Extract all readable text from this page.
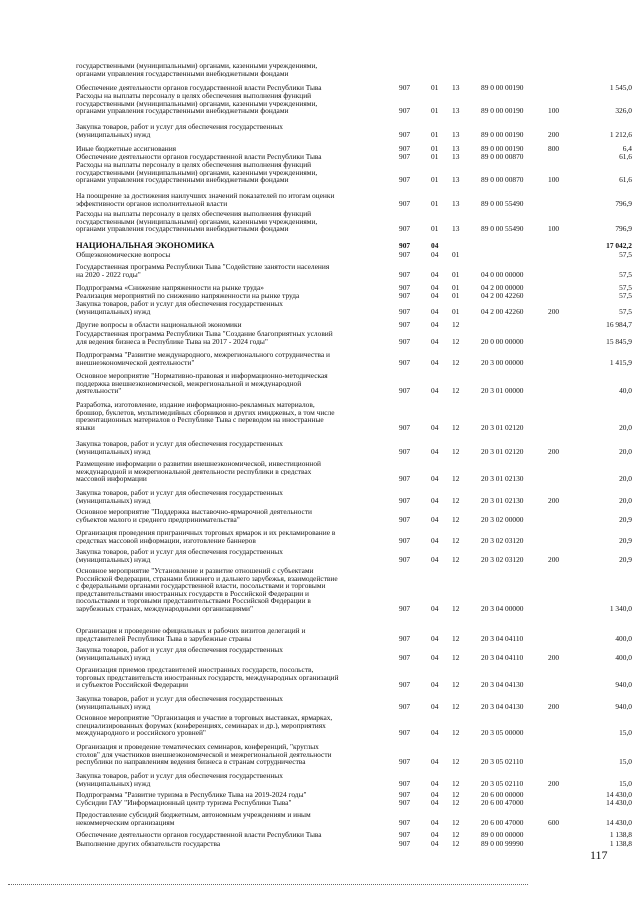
государственными (муниципальными) органами, казенными учреждениями,
органами управления государственными внебюджетными фондами
Обеспечение деятельности органов государственной власти Республики Тыва	907	01 13	89 0 00 00190	1 545,0
Расходы на выплаты персоналу в целях обеспечения выполнения функций
государственными (муниципальными) органами, казенными учреждениями,
органами управления государственными внебюджетными фондами	907	01 13	89 0 00 00190	100	326,0
Закупка товаров, работ и услуг для обеспечения государственных
(муниципальных) нужд	907	01 13	89 0 00 00190	200	1 212,6
Иные бюджетные ассигнования	907	01 13	89 0 00 00190	800	6,4
Обеспечение деятельности органов государственной власти Республики Тыва	907	01 13	89 0 00 00870	61,6
Расходы на выплаты персоналу в целях обеспечения выполнения функций
государственными (муниципальными) органами, казенными учреждениями,
органами управления государственными внебюджетными фондами	907	01 13	89 0 00 00870	100	61,6
На поощрение за достижения наилучших значений показателей по итогам оценки
эффективности органов исполнительной власти	907	01 13	89 0 00 55490	796,9
Расходы на выплаты персоналу в целях обеспечения выполнения функций
государственными (муниципальными) органами, казенными учреждениями,
органами управления государственными внебюджетными фондами	907	01 13	89 0 00 55490	100	796,9
НАЦИОНАЛЬНАЯ ЭКОНОМИКА	907	04	17 042,2
Общеэкономические вопросы	907	04 01	57,5
Государственная программа Республики Тыва "Содействие занятости населения
на 2020 - 2022 годы"	907	04 01	04 0 00 00000	57,5
Подпрограмма «Снижение напряженности на рынке труда»	907	04 01	04 2 00 00000	57,5
Реализация мероприятий по снижению напряженности на рынке труда	907	04 01	04 2 00 42260	57,5
Закупка товаров, работ и услуг для обеспечения государственных
(муниципальных) нужд	907	04 01	04 2 00 42260	200	57,5
Другие вопросы в области национальной экономики	907	04 12	16 984,7
Государственная программа Республики Тыва "Создание благоприятных условий
для ведения бизнеса в Республике Тыва на 2017 - 2024 годы"	907	04 12	20 0 00 00000	15 845,9
Подпрограмма "Развитие международного, межрегионального сотрудничества и
внешнеэкономической деятельности"	907	04 12	20 3 00 00000	1 415,9
Основное мероприятие "Нормативно-правовая и информационно-методическая
поддержка внешнеэкономической, межрегиональной и международной
деятельности"	907	04 12	20 3 01 00000	40,0
Разработка, изготовление, издание информационно-рекламных материалов,
брошюр, буклетов, мультимедийных сборников и других имиджевых, в том числе
презентационных материалов о Республике Тыва с переводом на иностранные
языки	907	04 12	20 3 01 02120	20,0
Закупка товаров, работ и услуг для обеспечения государственных
(муниципальных) нужд	907	04 12	20 3 01 02120	200	20,0
Размещение информации о развитии внешнеэкономической, инвестиционной
международной и межрегиональной деятельности республики в средствах
массовой информации	907	04 12	20 3 01 02130	20,0
Закупка товаров, работ и услуг для обеспечения государственных
(муниципальных) нужд	907	04 12	20 3 01 02130	200	20,0
Основное мероприятие "Поддержка выставочно-ярмарочной деятельности
субъектов малого и среднего предпринимательства"	907	04 12	20 3 02 00000	20,9
Организация проведения приграничных торговых ярмарок и их рекламирование в
средствах массовой информации, изготовление баннеров	907	04 12	20 3 02 03120	20,9
Закупка товаров, работ и услуг для обеспечения государственных
(муниципальных) нужд	907	04 12	20 3 02 03120	200	20,9
Основное мероприятие "Установление и развитие отношений с субъектами
Российской Федерации, странами ближнего и дальнего зарубежья, взаимодействие
с федеральными органами государственной власти, посольствами и торговыми
представительствами иностранных государств в Российской Федерации и
посольствами и торговыми представительствами Российской Федерации в
зарубежных странах, международными организациями"	907	04 12	20 3 04 00000	1 340,0
Организация и проведение официальных и рабочих визитов делегаций и
представителей Республики Тыва в зарубежные страны	907	04 12	20 3 04 04110	400,0
Закупка товаров, работ и услуг для обеспечения государственных
(муниципальных) нужд	907	04 12	20 3 04 04110	200	400,0
Организация приемов представителей иностранных государств, посольств,
торговых представительств иностранных государств, международных организаций
и субъектов Российской Федерации	907	04 12	20 3 04 04130	940,0
Закупка товаров, работ и услуг для обеспечения государственных
(муниципальных) нужд	907	04 12	20 3 04 04130	200	940,0
Основное мероприятие "Организация и участие в торговых выставках, ярмарках,
специализированных форумах (конференциях, семинарах и др.), мероприятиях
международного и российского уровней"	907	04 12	20 3 05 00000	15,0
Организация и проведение тематических семинаров, конференций, "круглых
столов" для участников внешнеэкономической и межрегиональной деятельности
республики по направлениям ведения бизнеса в странам сотрудничества	907	04 12	20 3 05 02110	15,0
Закупка товаров, работ и услуг для обеспечения государственных
(муниципальных) нужд	907	04 12	20 3 05 02110	200	15,0
Подпрограмма "Развитие туризма в Республике Тыва на 2019-2024 годы"	907	04 12	20 6 00 00000	14 430,0
Субсидии ГАУ "Информационный центр туризма Республики Тыва"	907	04 12	20 6 00 47000	14 430,0
Предоставление субсидий бюджетным, автономным учреждениям и иным
некоммерческим организациям	907	04 12	20 6 00 47000	600	14 430,0
Обеспечение деятельности органов государственной власти Республики Тыва	907	04 12	89 0 00 00000	1 138,8
Выполнение других обязательств государства	907	04 12	89 0 00 99990	1 138,8
117
